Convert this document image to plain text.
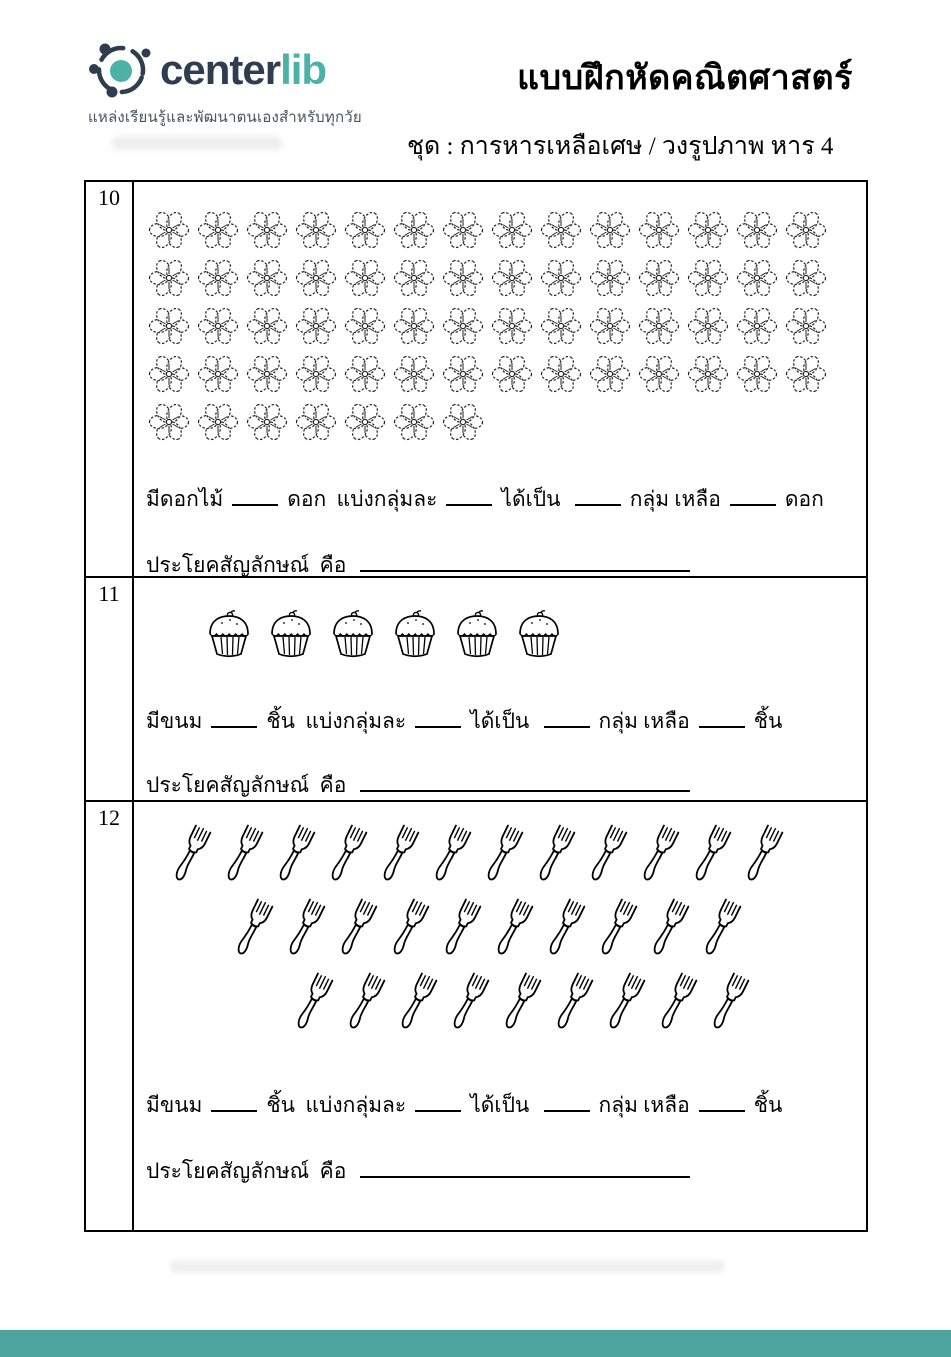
centerlib
แหล่งเรียนรู้และพัฒนาตนเองสำหรับทุกวัย
แบบฝึกหัดคณิตศาสตร์
ชุด : การหารเหลือเศษ / วงรูปภาพ หาร 4
10
มีดอกไม้	ดอก  แบ่งกลุ่มละ	ได้เป็น	กลุ่ม เหลือ	ดอก
ประโยคสัญลักษณ์  คือ
11
มีขนม	ชิ้น  แบ่งกลุ่มละ	ได้เป็น	กลุ่ม เหลือ	ชิ้น
ประโยคสัญลักษณ์  คือ
12
มีขนม	ชิ้น  แบ่งกลุ่มละ	ได้เป็น	กลุ่ม เหลือ	ชิ้น
ประโยคสัญลักษณ์  คือ
